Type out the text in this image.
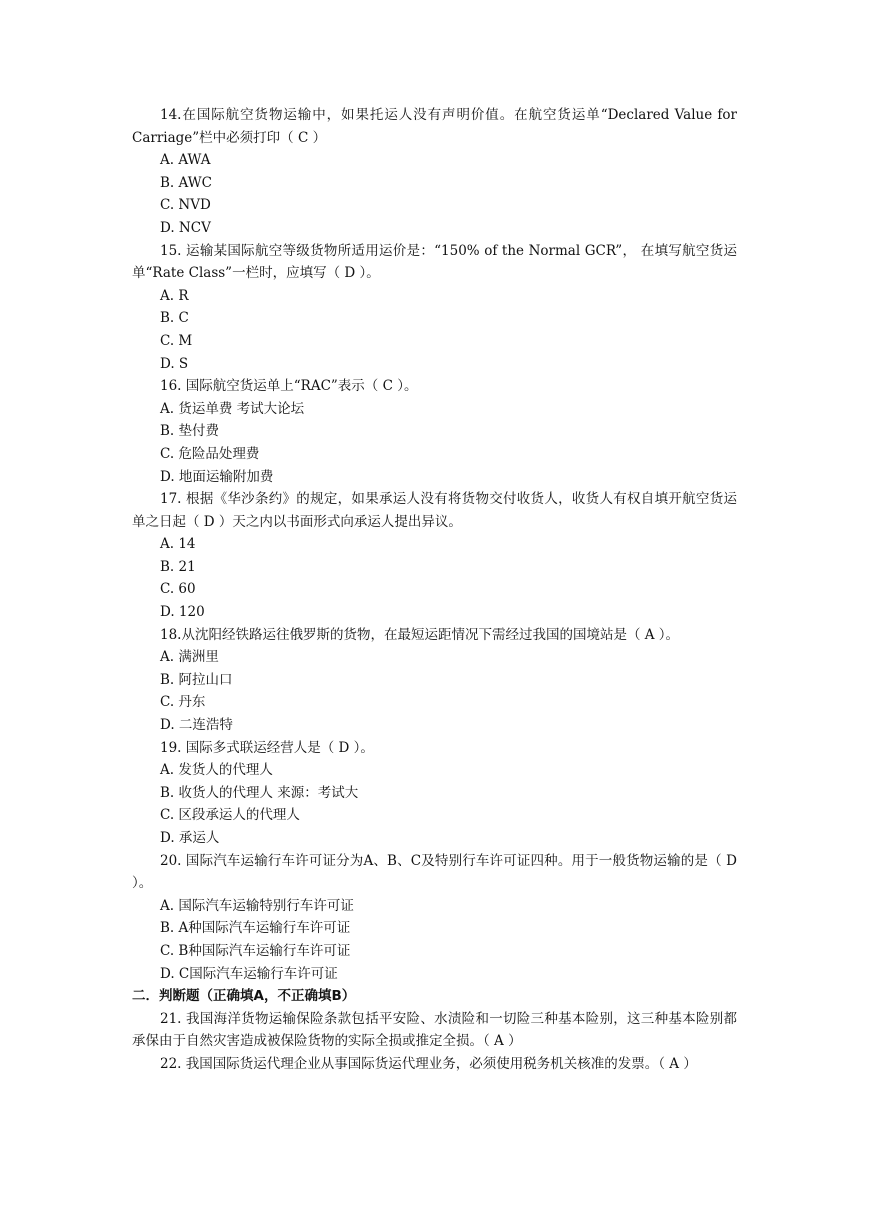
14.在国际航空货物运输中，如果托运人没有声明价值。在航空货运单“Declared Value for Carriage”栏中必须打印（ C ）

A. AWA

B. AWC

C. NVD

D. NCV

15. 运输某国际航空等级货物所适用运价是：“150% of the Normal GCR”， 在填写航空货运单“Rate Class”一栏时，应填写（ D ）。

A. R

B. C

C. M

D. S

16. 国际航空货运单上“RAC”表示（ C ）。

A. 货运单费 考试大论坛

B. 垫付费

C. 危险品处理费

D. 地面运输附加费

17. 根据《华沙条约》的规定，如果承运人没有将货物交付收货人，收货人有权自填开航空货运单之日起（ D ）天之内以书面形式向承运人提出异议。

A. 14

B. 21

C. 60

D. 120

18.从沈阳经铁路运往俄罗斯的货物，在最短运距情况下需经过我国的国境站是（ A ）。

A. 满洲里

B. 阿拉山口

C. 丹东

D. 二连浩特

19. 国际多式联运经营人是（ D ）。

A. 发货人的代理人

B. 收货人的代理人 来源：考试大

C. 区段承运人的代理人

D. 承运人

20. 国际汽车运输行车许可证分为A、B、C及特别行车许可证四种。用于一般货物运输的是（ D ）。

A. 国际汽车运输特别行车许可证

B. A种国际汽车运输行车许可证

C. B种国际汽车运输行车许可证

D. C国际汽车运输行车许可证

二．判断题（正确填A，不正确填B）

21. 我国海洋货物运输保险条款包括平安险、水渍险和一切险三种基本险别，这三种基本险别都承保由于自然灾害造成被保险货物的实际全损或推定全损。（ A ）

22. 我国国际货运代理企业从事国际货运代理业务，必须使用税务机关核准的发票。（ A ）
